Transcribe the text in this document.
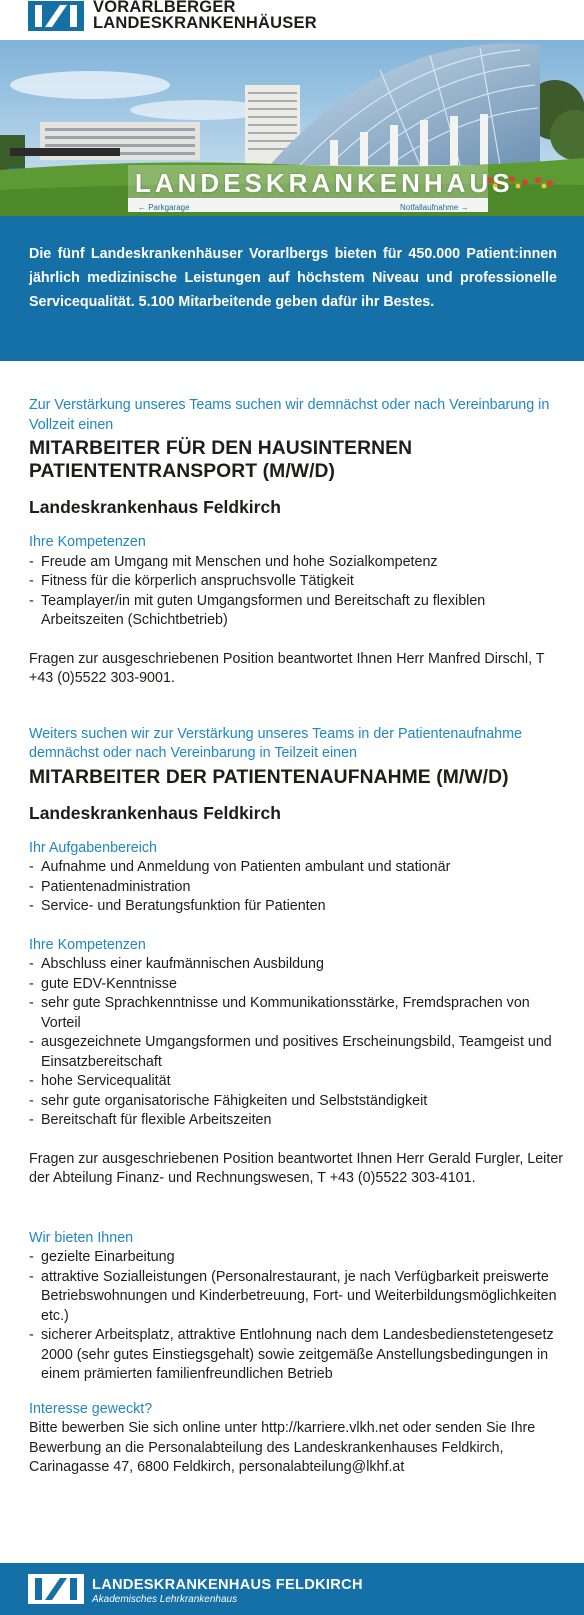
VORARLBERGER
LANDESKRANKENHÄUSER
LANDESKRANKENHAUS
← Parkgarage	Notfallaufnahme →

Die fünf Landeskrankenhäuser Vorarlbergs bieten für 450.000 Patient:innen jährlich medizinische Leistungen auf höchstem Niveau und professionelle Servicequalität. 5.100 Mitarbeitende geben dafür ihr Bestes.

Zur Verstärkung unseres Teams suchen wir demnächst oder nach Vereinbarung in Vollzeit einen
MITARBEITER FÜR DEN HAUSINTERNEN PATIENTENTRANSPORT (M/W/D)
Landeskrankenhaus Feldkirch
Ihre Kompetenzen
- Freude am Umgang mit Menschen und hohe Sozialkompetenz
- Fitness für die körperlich anspruchsvolle Tätigkeit
- Teamplayer/in mit guten Umgangsformen und Bereitschaft zu flexiblen Arbeitszeiten (Schichtbetrieb)
Fragen zur ausgeschriebenen Position beantwortet Ihnen Herr Manfred Dirschl, T +43 (0)5522 303-9001.
Weiters suchen wir zur Verstärkung unseres Teams in der Patientenaufnahme demnächst oder nach Vereinbarung in Teilzeit einen
MITARBEITER DER PATIENTENAUFNAHME (M/W/D)
Landeskrankenhaus Feldkirch
Ihr Aufgabenbereich
- Aufnahme und Anmeldung von Patienten ambulant und stationär
- Patientenadministration
- Service- und Beratungsfunktion für Patienten
Ihre Kompetenzen
- Abschluss einer kaufmännischen Ausbildung
- gute EDV-Kenntnisse
- sehr gute Sprachkenntnisse und Kommunikationsstärke, Fremdsprachen von Vorteil
- ausgezeichnete Umgangsformen und positives Erscheinungsbild, Teamgeist und Einsatzbereitschaft
- hohe Servicequalität
- sehr gute organisatorische Fähigkeiten und Selbstständigkeit
- Bereitschaft für flexible Arbeitszeiten
Fragen zur ausgeschriebenen Position beantwortet Ihnen Herr Gerald Furgler, Leiter der Abteilung Finanz- und Rechnungswesen, T +43 (0)5522 303-4101.
Wir bieten Ihnen
- gezielte Einarbeitung
- attraktive Sozialleistungen (Personalrestaurant, je nach Verfügbarkeit preiswerte Betriebswohnungen und Kinderbetreuung, Fort- und Weiterbildungsmöglichkeiten etc.)
- sicherer Arbeitsplatz, attraktive Entlohnung nach dem Landesbedienstetengesetz 2000 (sehr gutes Einstiegsgehalt) sowie zeitgemäße Anstellungsbedingungen in einem prämierten familienfreundlichen Betrieb
Interesse geweckt?
Bitte bewerben Sie sich online unter http://karriere.vlkh.net oder senden Sie Ihre Bewerbung an die Personalabteilung des Landeskrankenhauses Feldkirch, Carinagasse 47, 6800 Feldkirch, personalabteilung@lkhf.at
LANDESKRANKENHAUS FELDKIRCH
Akademisches Lehrkrankenhaus
